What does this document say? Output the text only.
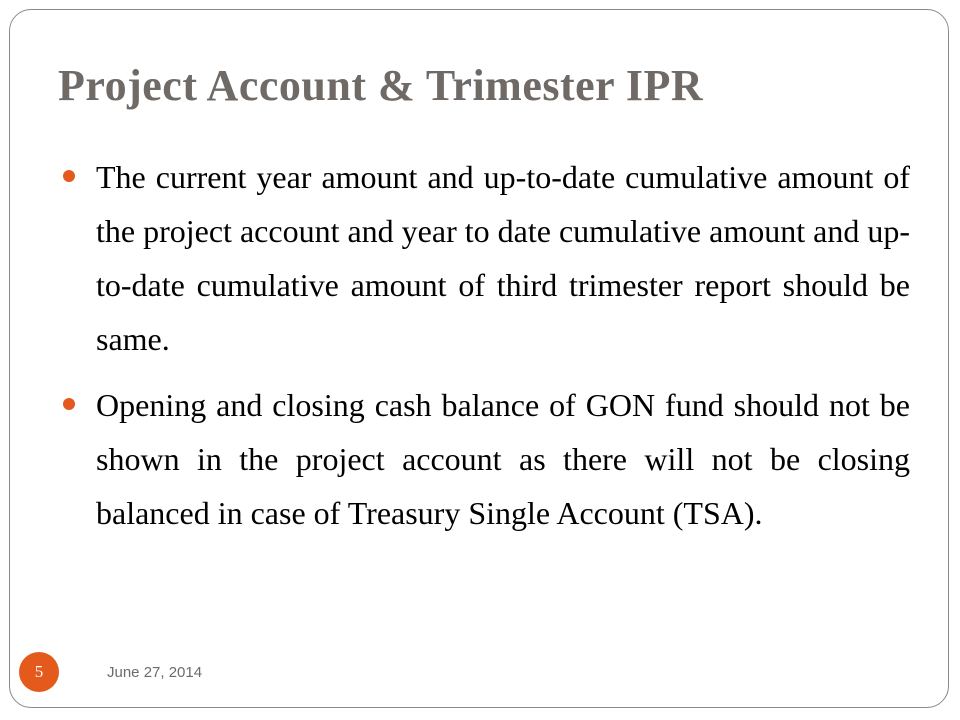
Project Account & Trimester IPR
The current year amount and up-to-date cumulative amount of the project account and year to date cumulative amount and up-to-date cumulative amount of third trimester report should be same.
Opening and closing cash balance of GON fund should not be shown in the project account as there will not be closing balanced in case of Treasury Single Account (TSA).
5	June 27, 2014
